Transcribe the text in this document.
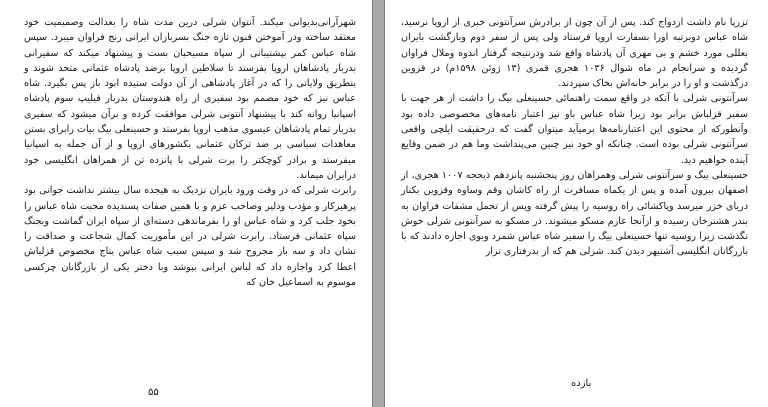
شهرآرانی‌بدیوانی میکند. آنتوان شرلی درین مدت شاه را بعدالت وصمیمیت خود معتقد ساخته ودر آموختن فنون تازه جنگ بسربازان ایرانی رنج فراوان میبرد. سپس شاه عباس کمر بپشتیبانی از سپاه مسیحیان بست و پیشنهاد میکند که سفیرانی بدربار پادشاهان اروپا بفرستد تا سلاطین اروپا برضد پادشاه عثمانی متحد شوند و بنطریق ولایاتی را که در آغاز پادشاهی از آن دولت ستیده ابود باز پس بگیرد. شاه عباس نیز که خود مصمم بود سفیری از راه هندوستان بدربار فیلیپ سوم پادشاه اسپانیا روانه کند با پیشنهاد آنتونی شرلی موافقت کرده و برآن میشود که سفیری بدربار تمام پادشاهان عیسوی مذهب اروپا بفرستد و حسینعلی بیگ بیات رابرای بستن معاهدات سیاسی بر ضد ترکان عثمانی بکشورهای اروپا و از آن جمله به اسپانیا میفرستد و برادر کوچکتر را برت شرلی با پانزده تن از همراهان انگلیسی خود درایران میماند.

رابرت شرلی که در وقت ورود بایران نزدیک به هیجده سال بیشتر نداشت جوانی بود پرهیزکار و مؤدب ودلیر وصاحب عزم و با همین صفات پسندیده محبت شاه عباس را بخود جلب کرد و شاه عباس او را بفرماندهی دسته‌ای از سپاه ایران گماشت وبجنگ سپاه عثمانی فرستاد. رابرت شرلی در این مأموریت کمال شجاعت و صداقت را نشان داد و سه بار مجروح شد و سپس سبب شاه عباس بتاج مخصوص قزلباش اعطا کرد واجازه داد که لباس ایرانی بپوشد وبا دختر یکی از بازرگانان چرکسی موسوم به اسماعیل خان که

۵۵

تزرپا نام داشت ازدواج کند. پس از آن چون از برادرش سرآنتونی خبری از اروپا نرسید، شاه عباس دوبرتبه اورا بسفارت اروپا فرستاد ولی پس از سفر دوم وبازگشت بایران بعللی مورد خشم و بی مهری آن پادشاه واقع شد ودرنتیجه گرفتار اندوه وملال فراوان گردیده و سرانجام در ماه شوال ۱۰۳۶ هجری قمری (۱۳ ژوئن ۱۵۹۸م) در قزوین درگذشت و او را در برابر خانه‌اش بخاک سپردند.

سرآنتونی شرلی با آنکه در واقع سمت راهنمائی حسینعلی بیگ را داشت از هر جهت با سفیر قزلباش برابر بود زیرا شاه عباس باو نیز اعتبار نامه‌های مخصوصی داده بود وآنطورکه از محتوی این اعتبارنامه‌ها برمیآید میتوان گفت که درحقیقت ایلچی واقعی سرآنتونی شرلی بوده است. چنانکه او خود نیز چنین می‌پنداشت وما هم در ضمن وقایع آینده خواهیم دید.

حسینعلی بیگ و سرآنتونی شرلی وهمراهان روز پنجشنبه پانزدهم ذیحجه ۱۰۰۷ هجری، از اصفهان بیرون آمده و پس از یکماه مسافرت از راه کاشان وقم وساوه وقزوین بکنار دریای خزر میرسد وپاکشائی راه روسیه را پیش گرفته وپس از تحمل مشقات فراوان به بندر هشترخان رسیده و ازآنجا عازم مسکو میشوند. در مسکو به سرآنتونی شرلی خوش نگذشت زیرا روسیه تنها حسینعلی بیگ را سفیر شاه عباس شمرد وبوی اجازه دادند که با بازرگانان انگلیسی آشتیهر دیدن کند. شرلی هم که از بدرفتاری تزار

بازده
